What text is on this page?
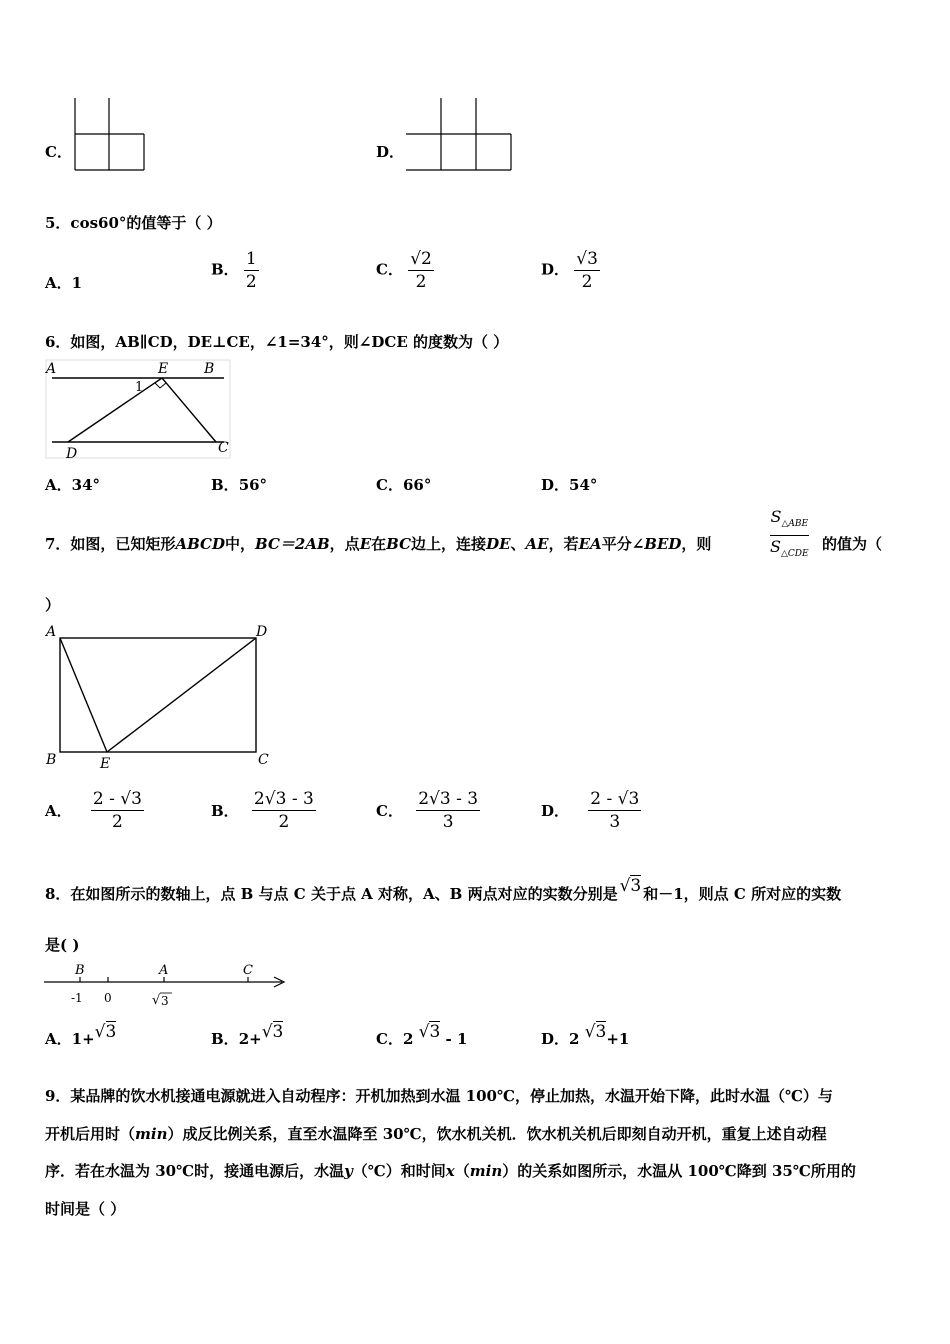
C．	D．
5．cos60°的值等于（ ）
A．1
B． $\frac{1}{2}$	C． $\frac{√2}{2}$	D． $\frac{√3}{2}$
6．如图，AB∥CD，DE⊥CE，∠1=34°，则∠DCE 的度数为（ ）
A	E	B
1
D	C
A．34°	B．56°	C．66°	D．54°
7．如图，已知矩形ABCD中，BC＝2AB，点E在BC边上，连接DE、AE，若EA平分∠BED，则
$S_{\triangle ABE}$
$S_{\triangle CDE}$
的值为（
）
A	D
B	E	C
A． $\frac{2 - √3}{2}$	B． $\frac{2√3 - 3}{2}$	C． $\frac{2√3 - 3}{3}$	D． $\frac{2 - √3}{3}$
8．在如图所示的数轴上，点 B 与点 C 关于点 A 对称，A、B 两点对应的实数分别是 √3 和－1，则点 C 所对应的实数
是( )
B	A	C
-1 0	√ 3
A．1+√3	B．2+√3	C．2 √3 - 1	D．2 √3+1
9．某品牌的饮水机接通电源就进入自动程序：开机加热到水温 100℃，停止加热，水温开始下降，此时水温（℃）与
开机后用时（min）成反比例关系，直至水温降至 30℃，饮水机关机．饮水机关机后即刻自动开机，重复上述自动程
序．若在水温为 30℃时，接通电源后，水温y（℃）和时间x（min）的关系如图所示，水温从 100℃降到 35℃所用的
时间是（ ）
